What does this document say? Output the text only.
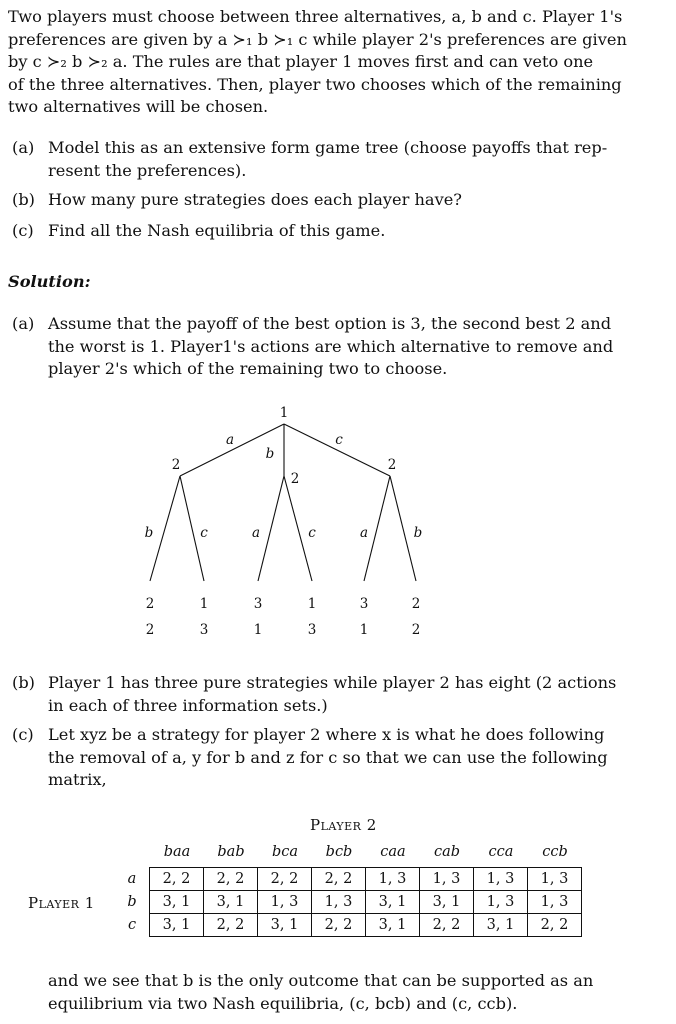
Two players must choose between three alternatives, a, b and c. Player 1's
preferences are given by a ≻₁ b ≻₁ c while player 2's preferences are given
by c ≻₂ b ≻₂ a. The rules are that player 1 moves first and can veto one
of the three alternatives. Then, player two chooses which of the remaining
two alternatives will be chosen.
(a) Model this as an extensive form game tree (choose payoffs that rep-
resent the preferences).
(b) How many pure strategies does each player have?
(c) Find all the Nash equilibria of this game.
Solution:
(a) Assume that the payoff of the best option is 3, the second best 2 and
the worst is 1. Player1's actions are which alternative to remove and
player 2's which of the remaining two to choose.
1
a
b
c
2
2
2
b	c	a	c	a	b
2
2
1
3
3
1
1
3
3
1
2
2
(b) Player 1 has three pure strategies while player 2 has eight (2 actions
in each of three information sets.)
(c) Let xyz be a strategy for player 2 where x is what he does following
the removal of a, y for b and z for c so that we can use the following
matrix,
Player 2
Player 1
baa	bab	bca	bcb	caa	cab	cca	ccb
a
b
c
2, 2	2, 2	2, 2	2, 2	1, 3	1, 3	1, 3	1, 3
3, 1	3, 1	1, 3	1, 3	3, 1	3, 1	1, 3	1, 3
3, 1	2, 2	3, 1	2, 2	3, 1	2, 2	3, 1	2, 2
and we see that b is the only outcome that can be supported as an
equilibrium via two Nash equilibria, (c, bcb) and (c, ccb).
